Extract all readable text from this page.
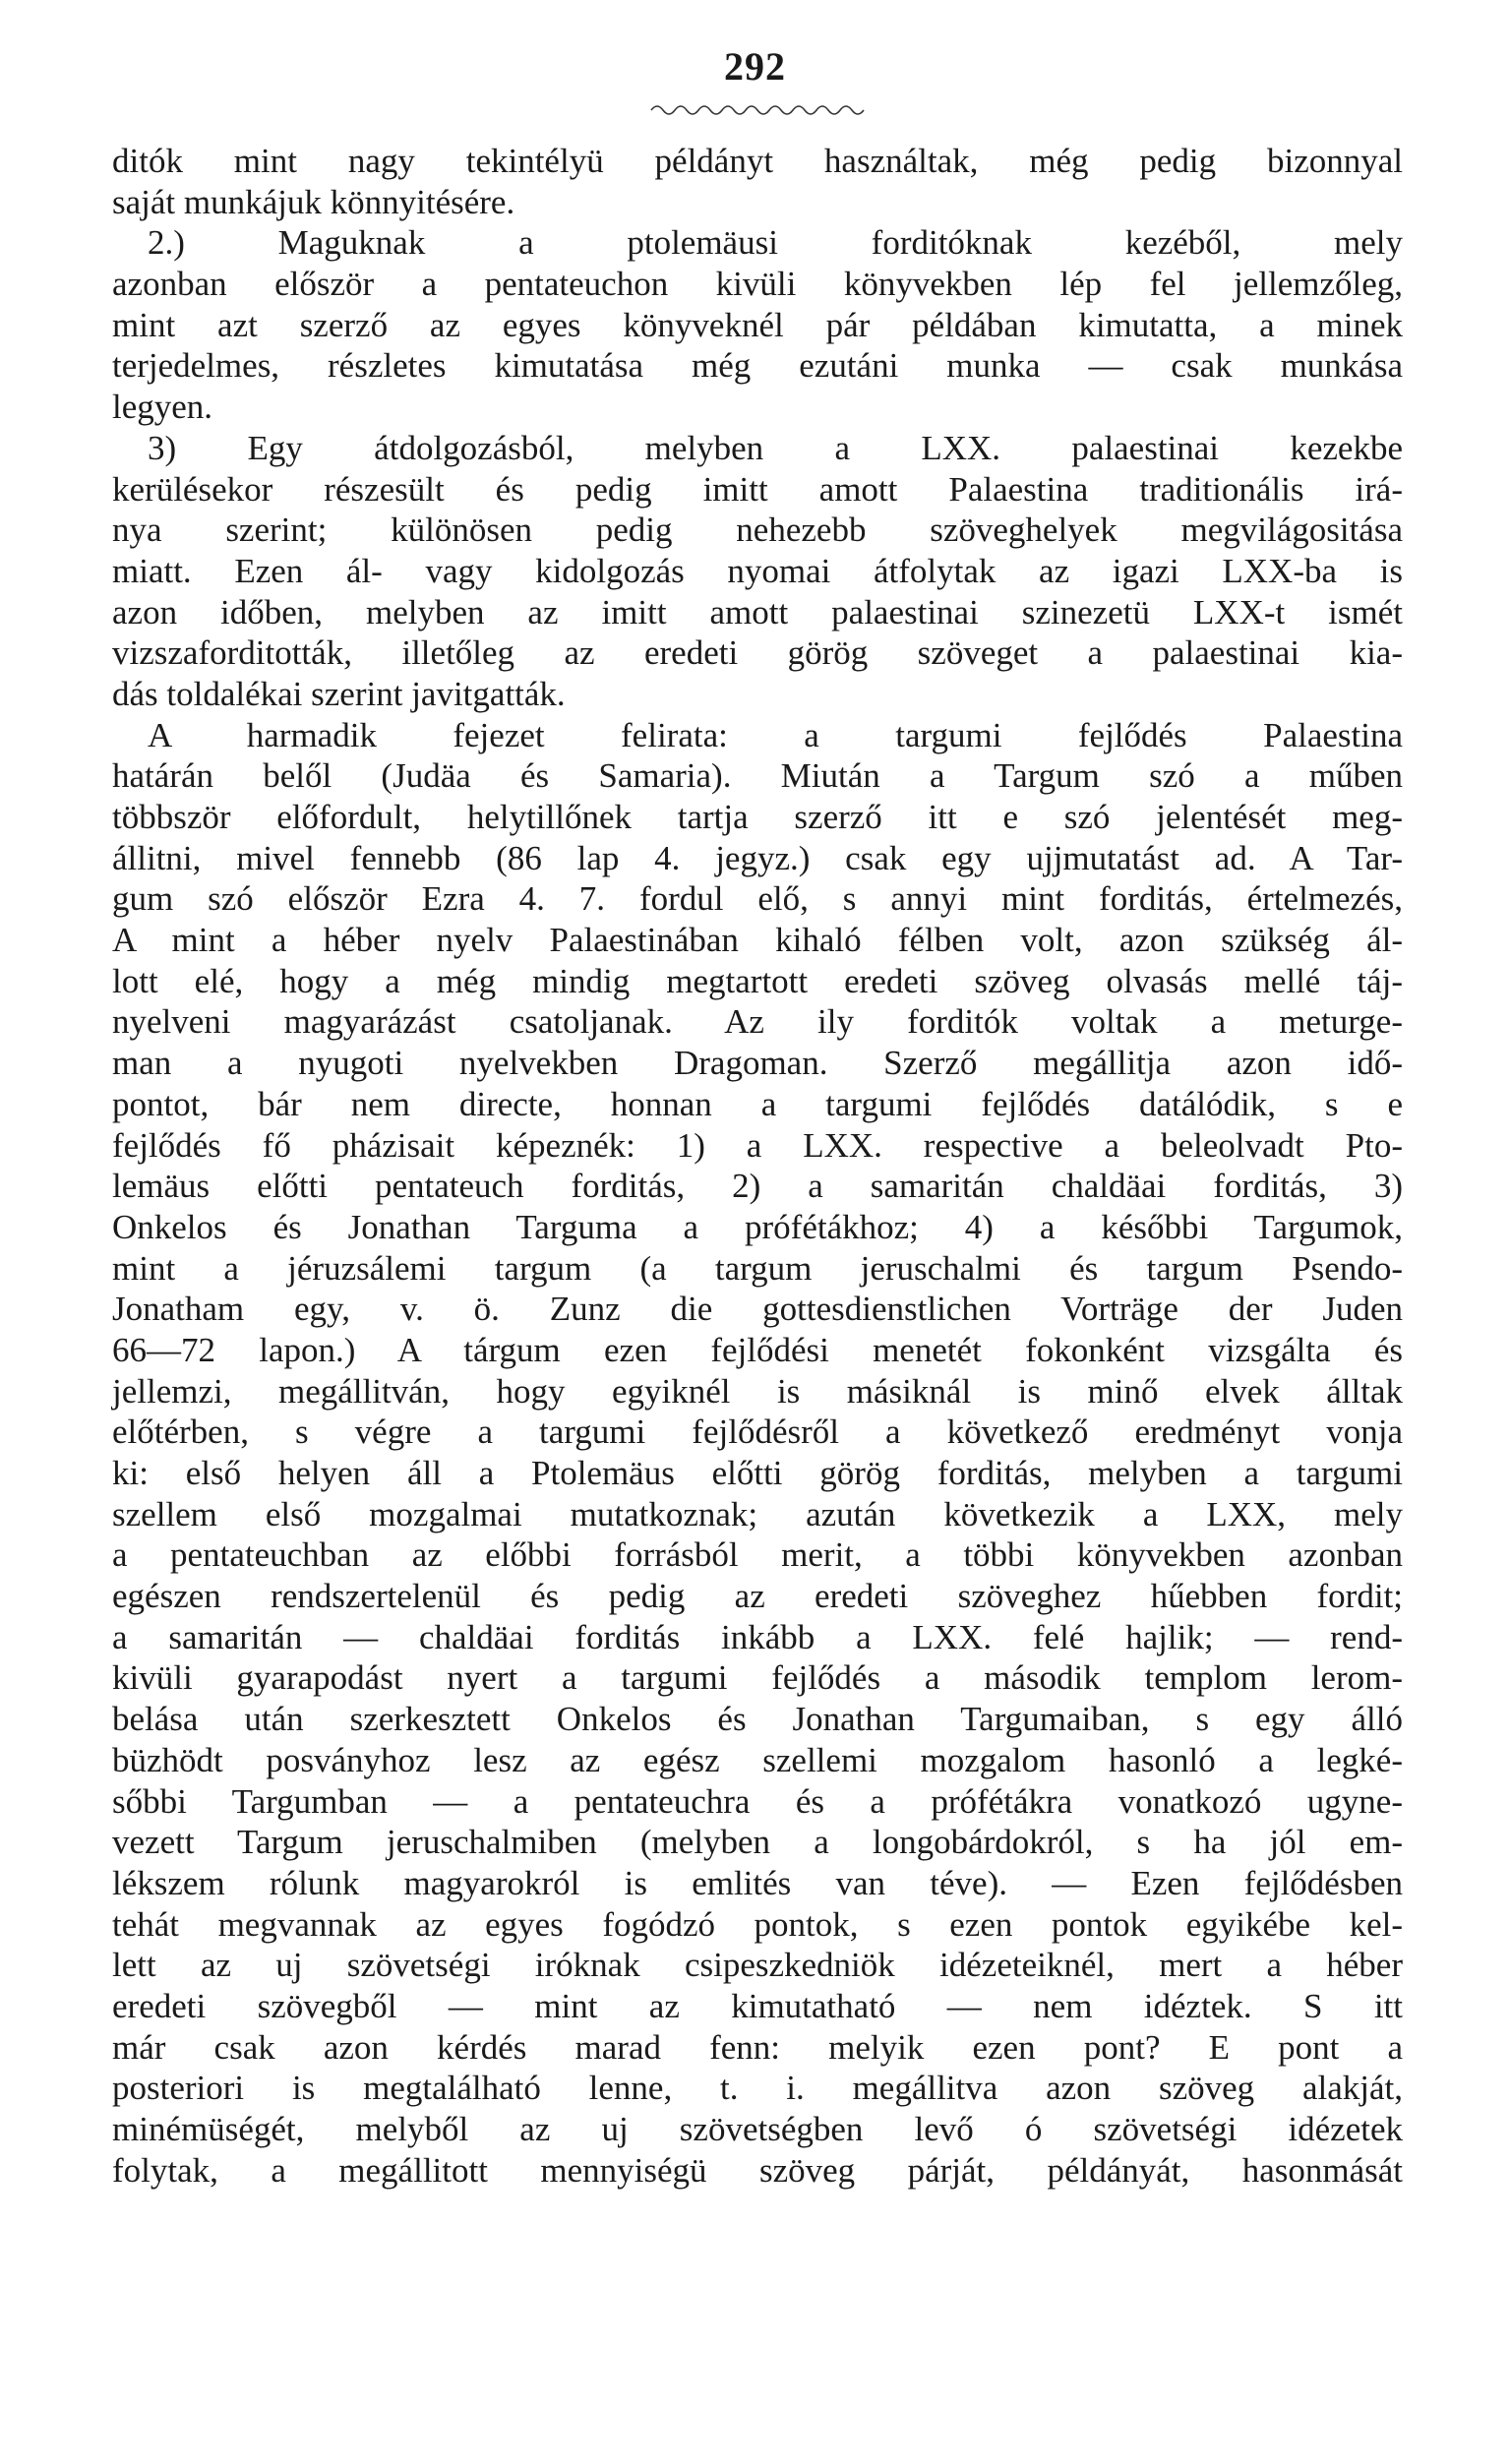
292
ditók mint nagy tekintélyü példányt használtak, még pedig bizonnyal
saját munkájuk könnyitésére.
2.) Maguknak a ptolemäusi forditóknak kezéből, mely
azonban először a pentateuchon kivüli könyvekben lép fel jellemzőleg,
mint azt szerző az egyes könyveknél pár példában kimutatta, a minek
terjedelmes, részletes kimutatása még ezutáni munka — csak munkása
legyen.
3) Egy átdolgozásból, melyben a LXX. palaestinai kezekbe
kerülésekor részesült és pedig imitt amott Palaestina traditionális irá-
nya szerint; különösen pedig nehezebb szöveghelyek megvilágositása
miatt. Ezen ál- vagy kidolgozás nyomai átfolytak az igazi LXX-ba is
azon időben, melyben az imitt amott palaestinai szinezetü LXX-t ismét
vizszaforditották, illetőleg az eredeti görög szöveget a palaestinai kia-
dás toldalékai szerint javitgatták.
A harmadik fejezet felirata: a targumi fejlődés Palaestina
határán belől (Judäa és Samaria). Miután a Targum szó a műben
többször előfordult, helytillőnek tartja szerző itt e szó jelentését meg-
állitni, mivel fennebb (86 lap 4. jegyz.) csak egy ujjmutatást ad. A Tar-
gum szó először Ezra 4. 7. fordul elő, s annyi mint forditás, értelmezés,
A mint a héber nyelv Palaestinában kihaló félben volt, azon szükség ál-
lott elé, hogy a még mindig megtartott eredeti szöveg olvasás mellé táj-
nyelveni magyarázást csatoljanak. Az ily forditók voltak a meturge-
man a nyugoti nyelvekben Dragoman. Szerző megállitja azon idő-
pontot, bár nem directe, honnan a targumi fejlődés datálódik, s e
fejlődés fő pházisait képeznék: 1) a LXX. respective a beleolvadt Pto-
lemäus előtti pentateuch forditás, 2) a samaritán chaldäai forditás, 3)
Onkelos és Jonathan Targuma a prófétákhoz; 4) a későbbi Targumok,
mint a jéruzsálemi targum (a targum jeruschalmi és targum Psendo-
Jonatham egy, v. ö. Zunz die gottesdienstlichen Vorträge der Juden
66—72 lapon.) A tárgum ezen fejlődési menetét fokonként vizsgálta és
jellemzi, megállitván, hogy egyiknél is másiknál is minő elvek álltak
előtérben, s végre a targumi fejlődésről a következő eredményt vonja
ki: első helyen áll a Ptolemäus előtti görög forditás, melyben a targumi
szellem első mozgalmai mutatkoznak; azután következik a LXX, mely
a pentateuchban az előbbi forrásból merit, a többi könyvekben azonban
egészen rendszertelenül és pedig az eredeti szöveghez hűebben fordit;
a samaritán — chaldäai forditás inkább a LXX. felé hajlik; — rend-
kivüli gyarapodást nyert a targumi fejlődés a második templom lerom-
belása után szerkesztett Onkelos és Jonathan Targumaiban, s egy álló
büzhödt posványhoz lesz az egész szellemi mozgalom hasonló a legké-
sőbbi Targumban — a pentateuchra és a prófétákra vonatkozó ugyne-
vezett Targum jeruschalmiben (melyben a longobárdokról, s ha jól em-
lékszem rólunk magyarokról is emlités van téve). — Ezen fejlődésben
tehát megvannak az egyes fogódzó pontok, s ezen pontok egyikébe kel-
lett az uj szövetségi iróknak csipeszkedniök idézeteiknél, mert a héber
eredeti szövegből — mint az kimutatható — nem idéztek. S itt
már csak azon kérdés marad fenn: melyik ezen pont? E pont a
posteriori is megtalálható lenne, t. i. megállitva azon szöveg alakját,
minémüségét, melyből az uj szövetségben levő ó szövetségi idézetek
folytak, a megállitott mennyiségü szöveg párját, példányát, hasonmását
